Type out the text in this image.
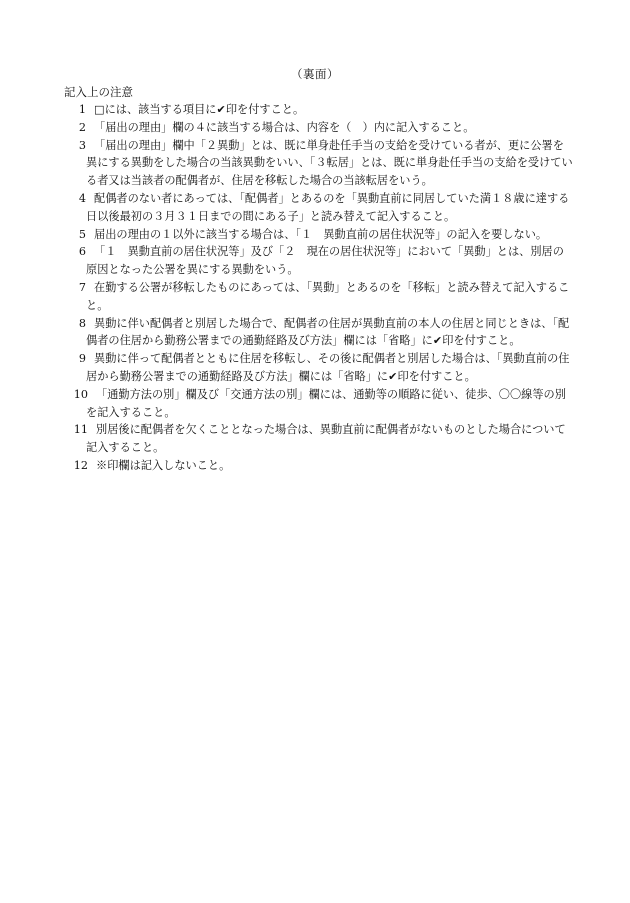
（裏面）
記入上の注意
1 □には、該当する項目に✔印を付すこと。
2 「届出の理由」欄の４に該当する場合は、内容を（　）内に記入すること。
3 「届出の理由」欄中「２異動」とは、既に単身赴任手当の支給を受けている者が、更に公署を異にする異動をした場合の当該異動をいい、「３転居」とは、既に単身赴任手当の支給を受けている者又は当該者の配偶者が、住居を移転した場合の当該転居をいう。
4 配偶者のない者にあっては、「配偶者」とあるのを「異動直前に同居していた満１８歳に達する日以後最初の３月３１日までの間にある子」と読み替えて記入すること。
5 届出の理由の１以外に該当する場合は、「１　異動直前の居住状況等」の記入を要しない。
6 「１　異動直前の居住状況等」及び「２　現在の居住状況等」において「異動」とは、別居の原因となった公署を異にする異動をいう。
7 在勤する公署が移転したものにあっては、「異動」とあるのを「移転」と読み替えて記入すること。
8 異動に伴い配偶者と別居した場合で、配偶者の住居が異動直前の本人の住居と同じときは、「配偶者の住居から勤務公署までの通勤経路及び方法」欄には「省略」に✔印を付すこと。
9 異動に伴って配偶者とともに住居を移転し、その後に配偶者と別居した場合は、「異動直前の住居から勤務公署までの通勤経路及び方法」欄には「省略」に✔印を付すこと。
10 「通勤方法の別」欄及び「交通方法の別」欄には、通勤等の順路に従い、徒歩、〇〇線等の別を記入すること。
11 別居後に配偶者を欠くこととなった場合は、異動直前に配偶者がないものとした場合について記入すること。
12 ※印欄は記入しないこと。
